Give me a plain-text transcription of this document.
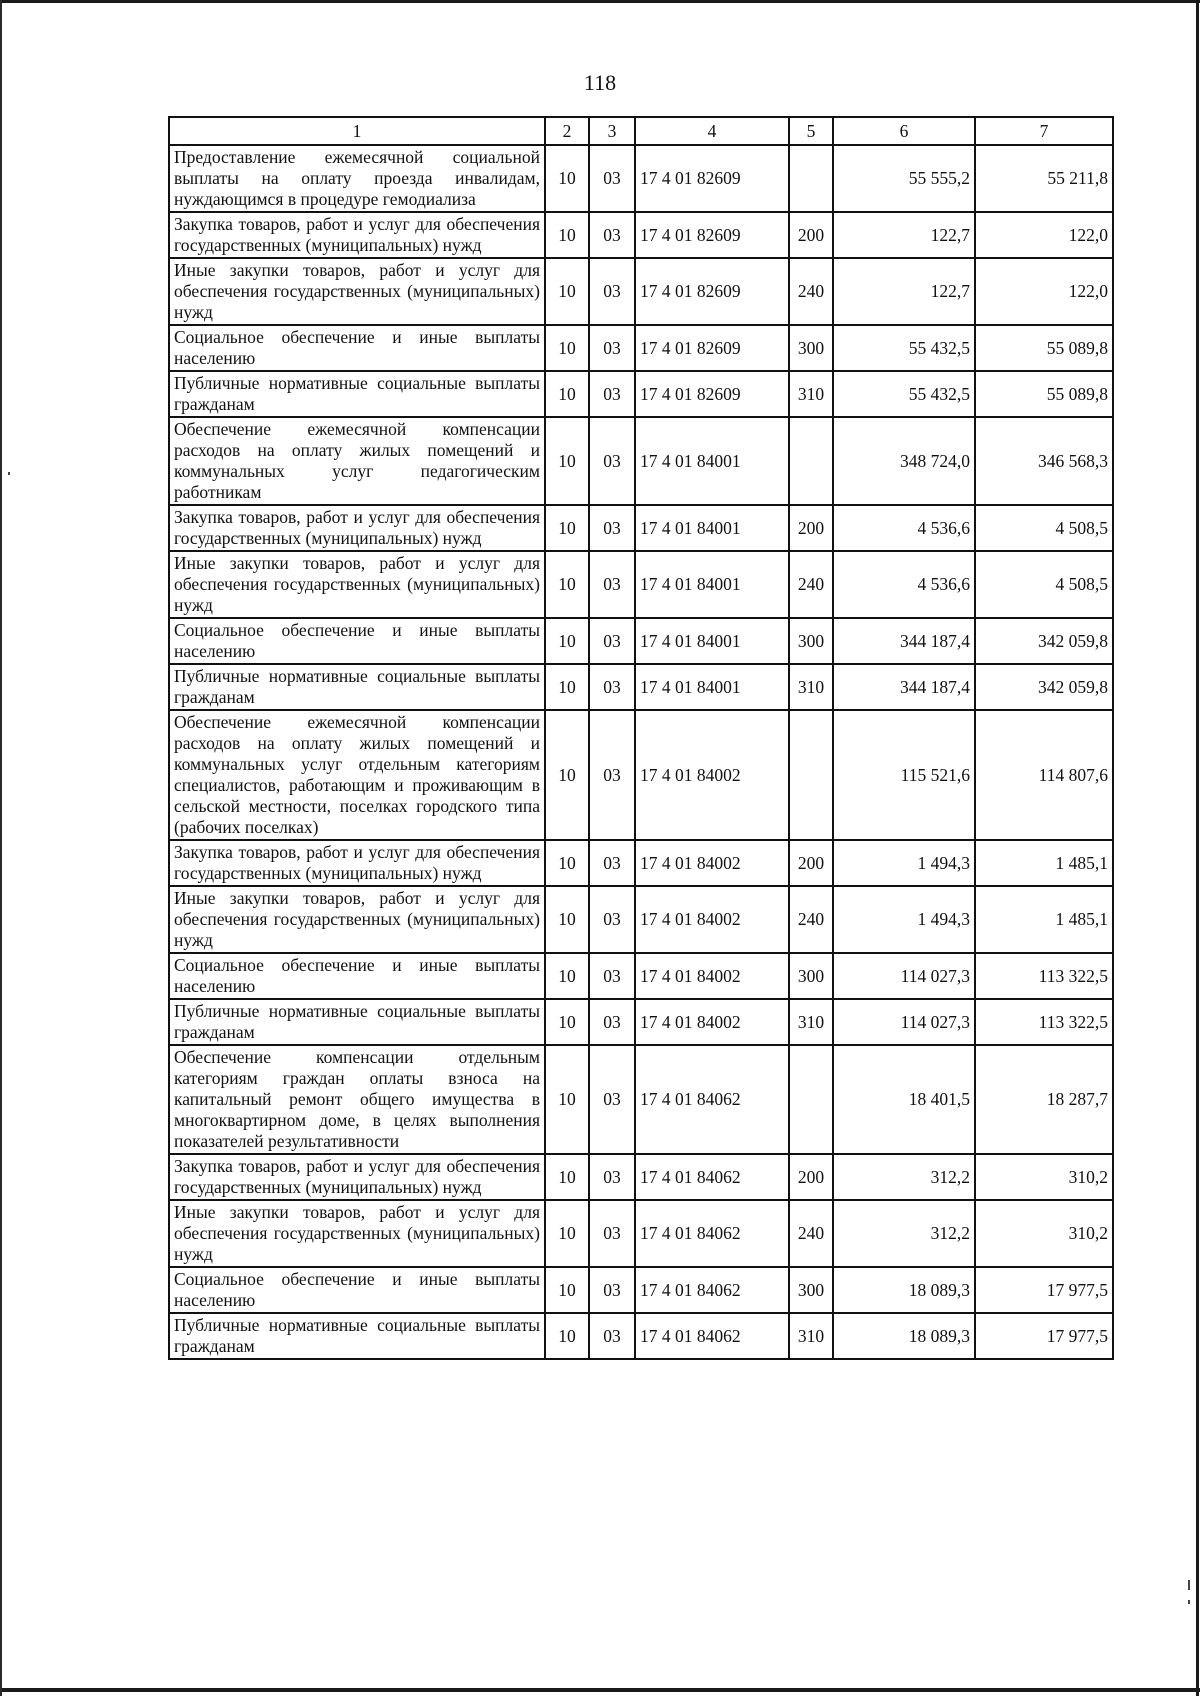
118
1	2	3	4	5	6	7
Предоставление ежемесячной социальной выплаты на оплату проезда инвалидам, нуждающимся в процедуре гемодиализа	10	03	17 4 01 82609		55 555,2	55 211,8
Закупка товаров, работ и услуг для обеспечения государственных (муниципальных) нужд	10	03	17 4 01 82609	200	122,7	122,0
Иные закупки товаров, работ и услуг для обеспечения государственных (муниципальных) нужд	10	03	17 4 01 82609	240	122,7	122,0
Социальное обеспечение и иные выплаты населению	10	03	17 4 01 82609	300	55 432,5	55 089,8
Публичные нормативные социальные выплаты гражданам	10	03	17 4 01 82609	310	55 432,5	55 089,8
Обеспечение ежемесячной компенсации расходов на оплату жилых помещений и коммунальных услуг педагогическим работникам	10	03	17 4 01 84001		348 724,0	346 568,3
Закупка товаров, работ и услуг для обеспечения государственных (муниципальных) нужд	10	03	17 4 01 84001	200	4 536,6	4 508,5
Иные закупки товаров, работ и услуг для обеспечения государственных (муниципальных) нужд	10	03	17 4 01 84001	240	4 536,6	4 508,5
Социальное обеспечение и иные выплаты населению	10	03	17 4 01 84001	300	344 187,4	342 059,8
Публичные нормативные социальные выплаты гражданам	10	03	17 4 01 84001	310	344 187,4	342 059,8
Обеспечение ежемесячной компенсации расходов на оплату жилых помещений и коммунальных услуг отдельным категориям специалистов, работающим и проживающим в сельской местности, поселках городского типа (рабочих поселках)	10	03	17 4 01 84002		115 521,6	114 807,6
Закупка товаров, работ и услуг для обеспечения государственных (муниципальных) нужд	10	03	17 4 01 84002	200	1 494,3	1 485,1
Иные закупки товаров, работ и услуг для обеспечения государственных (муниципальных) нужд	10	03	17 4 01 84002	240	1 494,3	1 485,1
Социальное обеспечение и иные выплаты населению	10	03	17 4 01 84002	300	114 027,3	113 322,5
Публичные нормативные социальные выплаты гражданам	10	03	17 4 01 84002	310	114 027,3	113 322,5
Обеспечение компенсации отдельным категориям граждан оплаты взноса на капитальный ремонт общего имущества в многоквартирном доме, в целях выполнения показателей результативности	10	03	17 4 01 84062		18 401,5	18 287,7
Закупка товаров, работ и услуг для обеспечения государственных (муниципальных) нужд	10	03	17 4 01 84062	200	312,2	310,2
Иные закупки товаров, работ и услуг для обеспечения государственных (муниципальных) нужд	10	03	17 4 01 84062	240	312,2	310,2
Социальное обеспечение и иные выплаты населению	10	03	17 4 01 84062	300	18 089,3	17 977,5
Публичные нормативные социальные выплаты гражданам	10	03	17 4 01 84062	310	18 089,3	17 977,5
